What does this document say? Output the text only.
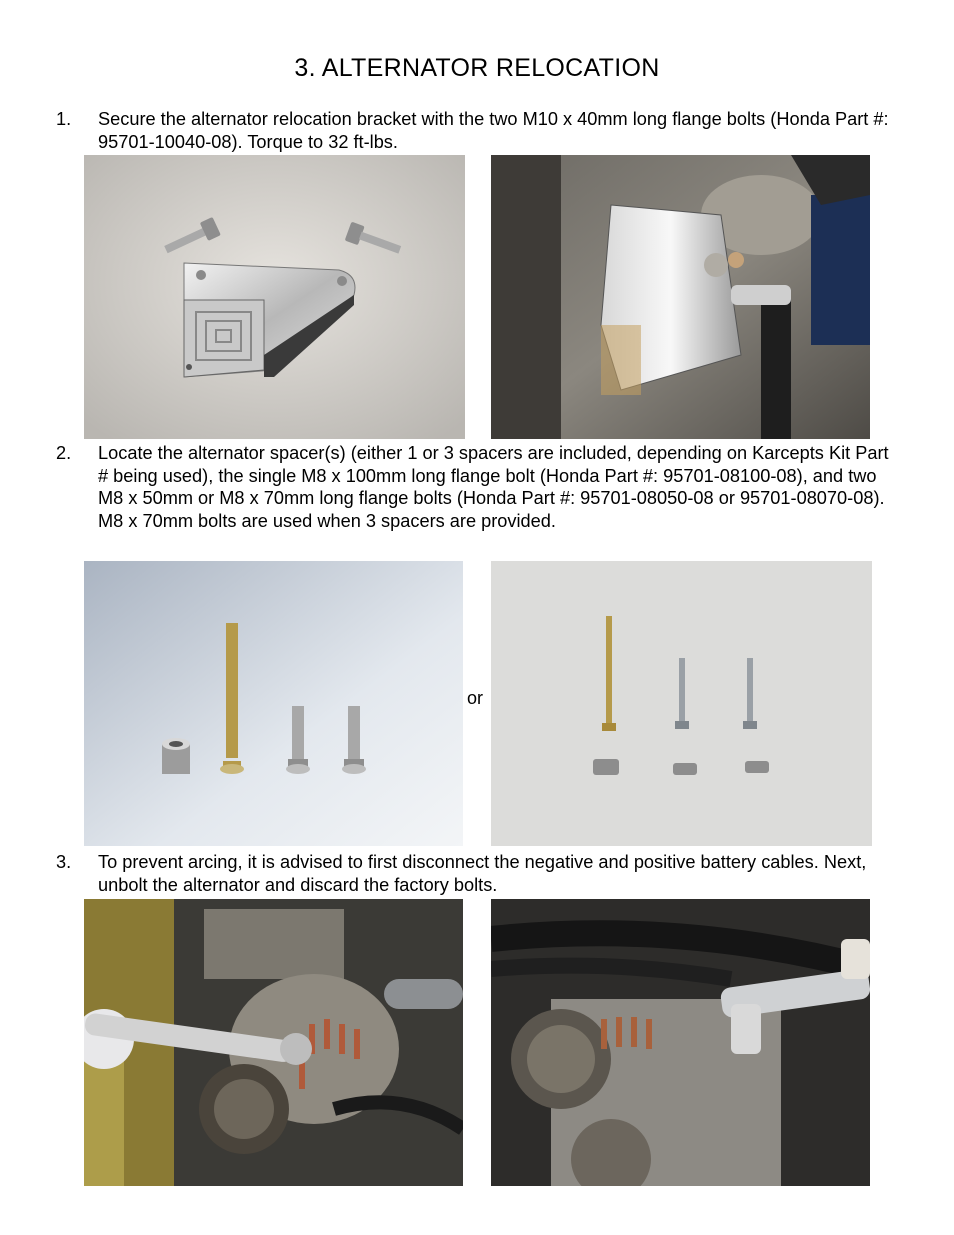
3. ALTERNATOR RELOCATION
1. Secure the alternator relocation bracket with the two M10 x 40mm long flange bolts (Honda Part #: 95701-10040-08). Torque to 32 ft-lbs.
2. Locate the alternator spacer(s) (either 1 or 3 spacers are included, depending on Karcepts Kit Part # being used), the single M8 x 100mm long flange bolt (Honda Part #: 95701-08100-08), and two M8 x 50mm or M8 x 70mm long flange bolts (Honda Part #: 95701-08050-08 or 95701-08070-08). M8 x 70mm bolts are used when 3 spacers are provided.
or
3. To prevent arcing, it is advised to first disconnect the negative and positive battery cables. Next, unbolt the alternator and discard the factory bolts.
